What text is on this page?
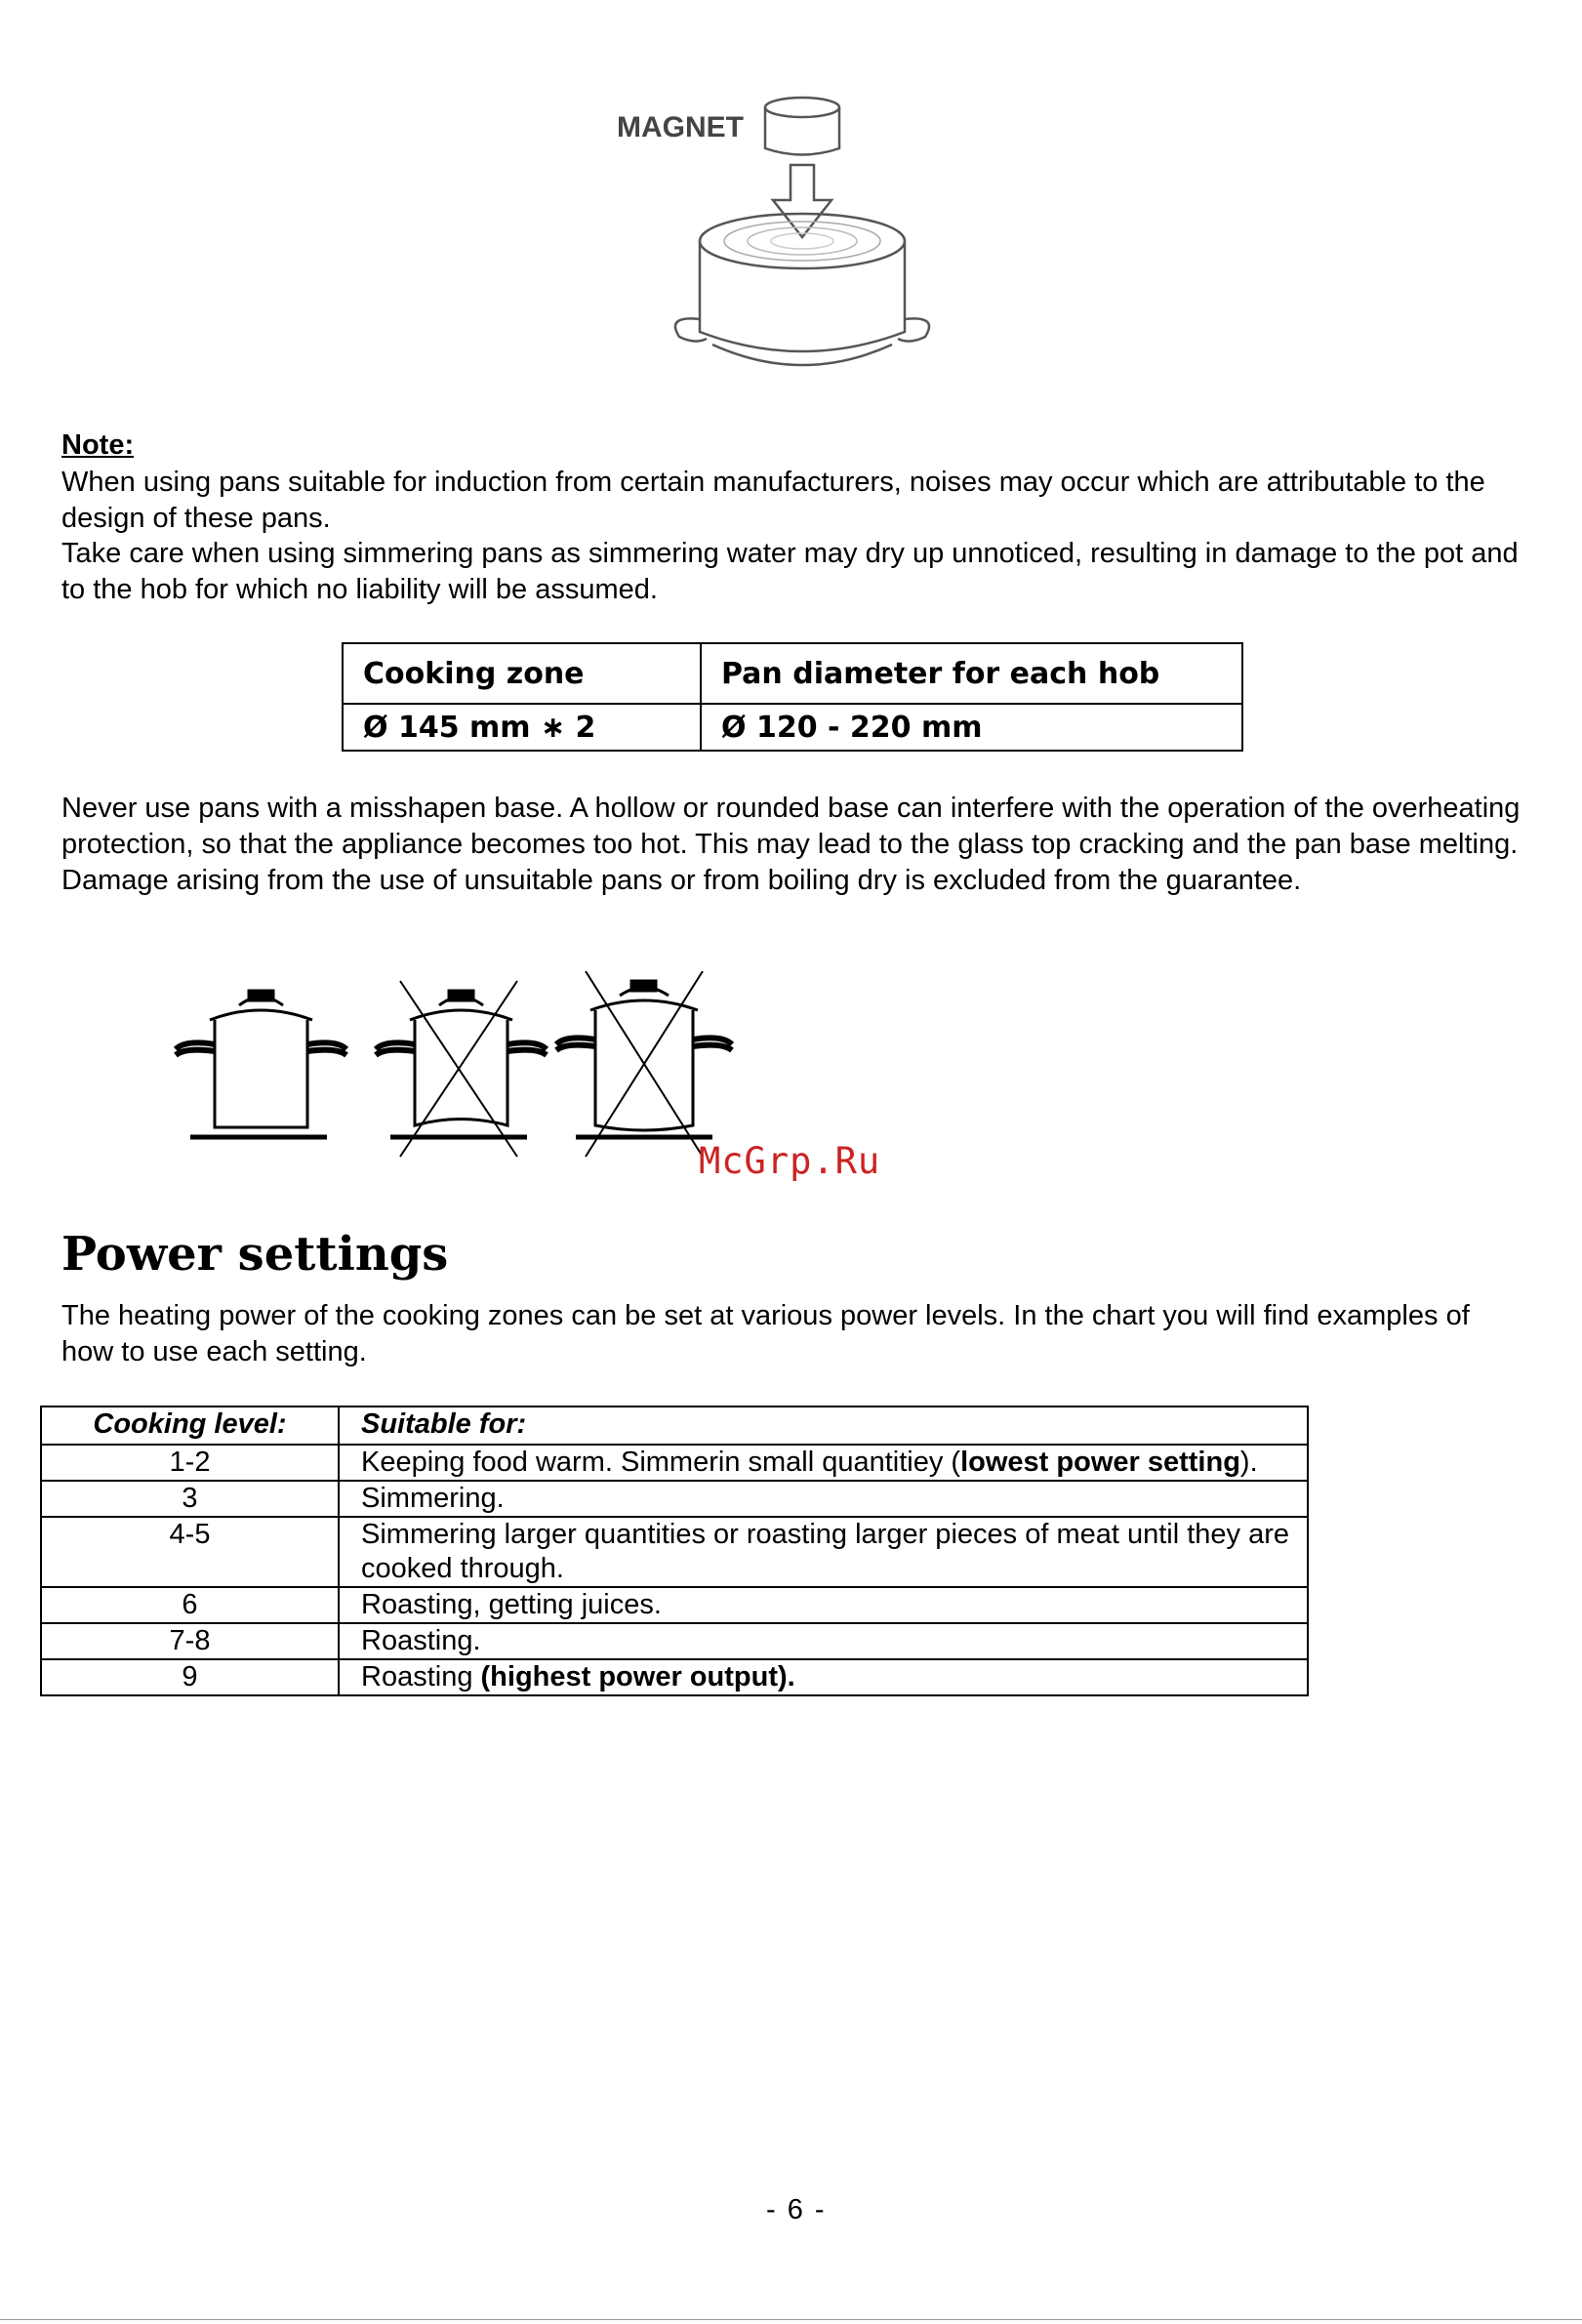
MAGNET
Note:
When using pans suitable for induction from certain manufacturers, noises may occur which are attributable to the design of these pans.
Take care when using simmering pans as simmering water may dry up unnoticed, resulting in damage to the pot and to the hob for which no liability will be assumed.
Cooking zone	Pan diameter for each hob
Ø 145 mm ∗ 2	Ø 120 - 220 mm
Never use pans with a misshapen base. A hollow or rounded base can interfere with the operation of the overheating protection, so that the appliance becomes too hot. This may lead to the glass top cracking and the pan base melting. Damage arising from the use of unsuitable pans or from boiling dry is excluded from the guarantee.
McGrp.Ru
Power settings
The heating power of the cooking zones can be set at various power levels. In the chart you will find examples of how to use each setting.
Cooking level:	Suitable for:
1-2	Keeping food warm. Simmerin small quantitiey (lowest power setting).
3	Simmering.
4-5	Simmering larger quantities or roasting larger pieces of meat until they are cooked through.
6	Roasting, getting juices.
7-8	Roasting.
9	Roasting (highest power output).
- 6 -
